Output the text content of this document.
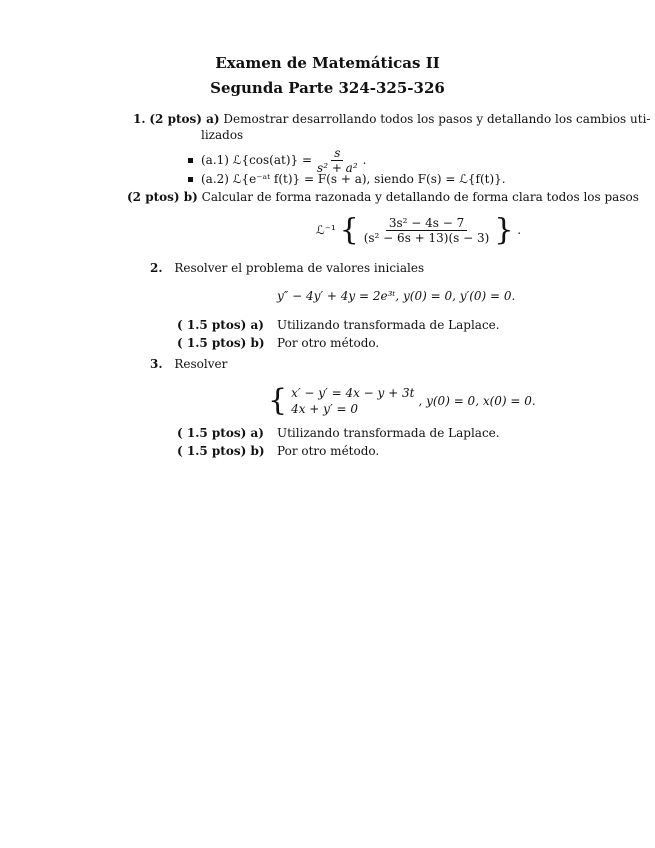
Examen de Matemáticas II
Segunda Parte 324-325-326
1. (2 ptos) a) Demostrar desarrollando todos los pasos y detallando los cambios uti-
lizados
(a.1) ℒ{cos(at)} = $\frac{s}{\text{s² + a²}}$ .
(a.2) ℒ{e⁻ᵃᵗ f(t)} = F(s + a), siendo F(s) = ℒ{f(t)}.
(2 ptos) b) Calcular de forma razonada y detallando de forma clara todos los pasos
ℒ⁻¹ { $\frac{\text{3s² − 4s − 7}}{\text{(s² − 6s + 13)(s − 3)}}$ } .
2. Resolver el problema de valores iniciales
y″ − 4y′ + 4y = 2e³ᵗ, y(0) = 0, y′(0) = 0.
( 1.5 ptos) a) Utilizando transformada de Laplace.
( 1.5 ptos) b) Por otro método.
3. Resolver
{ x′ − y′ = 4x − y + 3t
4x + y′ = 0
, y(0) = 0, x(0) = 0.
( 1.5 ptos) a) Utilizando transformada de Laplace.
( 1.5 ptos) b) Por otro método.
